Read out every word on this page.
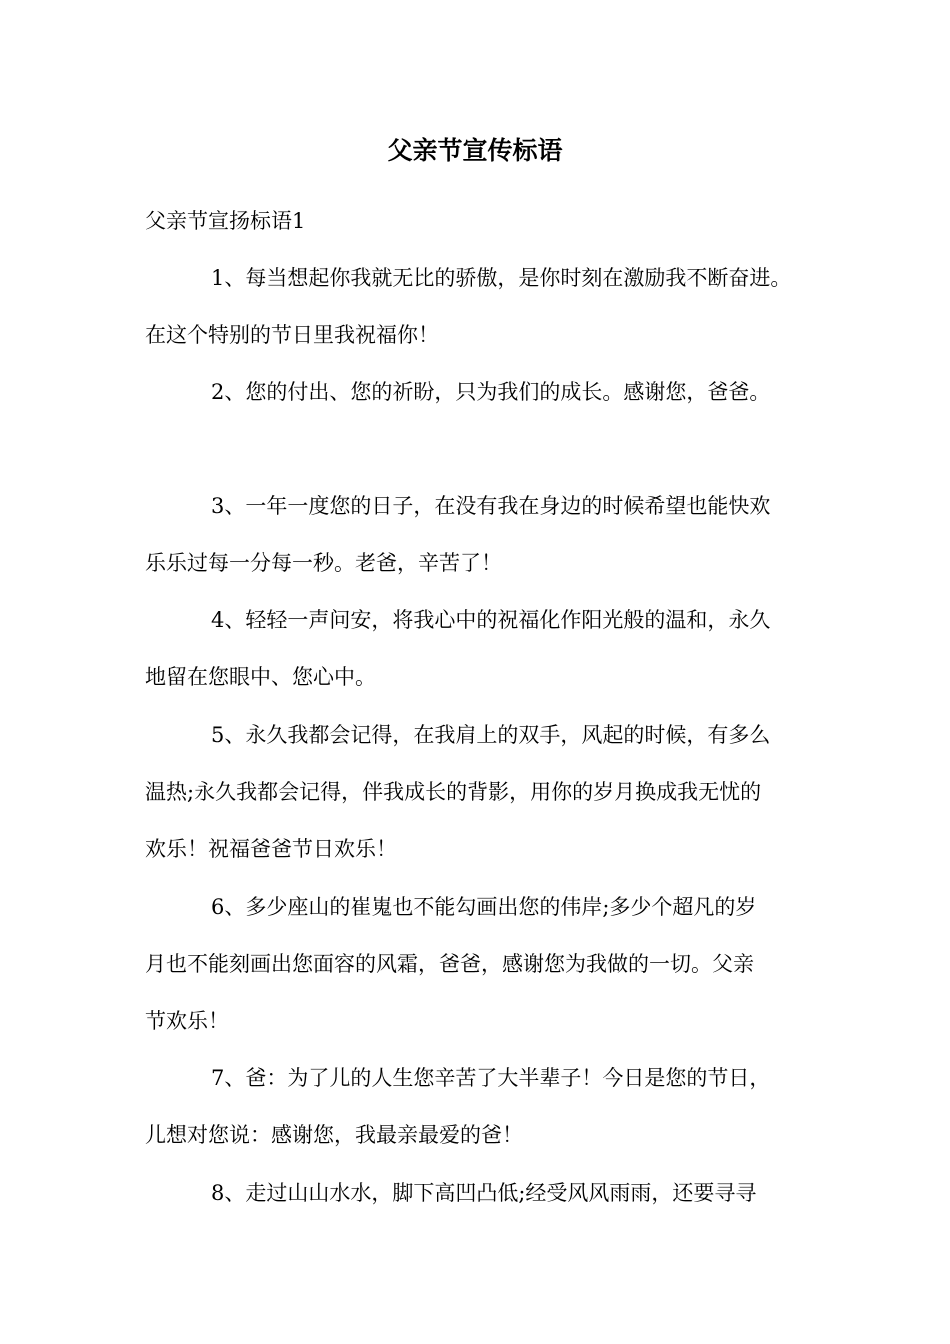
父亲节宣传标语
父亲节宣扬标语1
1、每当想起你我就无比的骄傲，是你时刻在激励我不断奋进。
在这个特别的节日里我祝福你！
2、您的付出、您的祈盼，只为我们的成长。感谢您，爸爸。
3、一年一度您的日子，在没有我在身边的时候希望也能快欢
乐乐过每一分每一秒。老爸，辛苦了！
4、轻轻一声问安，将我心中的祝福化作阳光般的温和，永久
地留在您眼中、您心中。
5、永久我都会记得，在我肩上的双手，风起的时候，有多么
温热;永久我都会记得，伴我成长的背影，用你的岁月换成我无忧的
欢乐！祝福爸爸节日欢乐！
6、多少座山的崔嵬也不能勾画出您的伟岸;多少个超凡的岁
月也不能刻画出您面容的风霜，爸爸，感谢您为我做的一切。父亲
节欢乐！
7、爸：为了儿的人生您辛苦了大半辈子！今日是您的节日，
儿想对您说：感谢您，我最亲最爱的爸！
8、走过山山水水，脚下高凹凸低;经受风风雨雨，还要寻寻
